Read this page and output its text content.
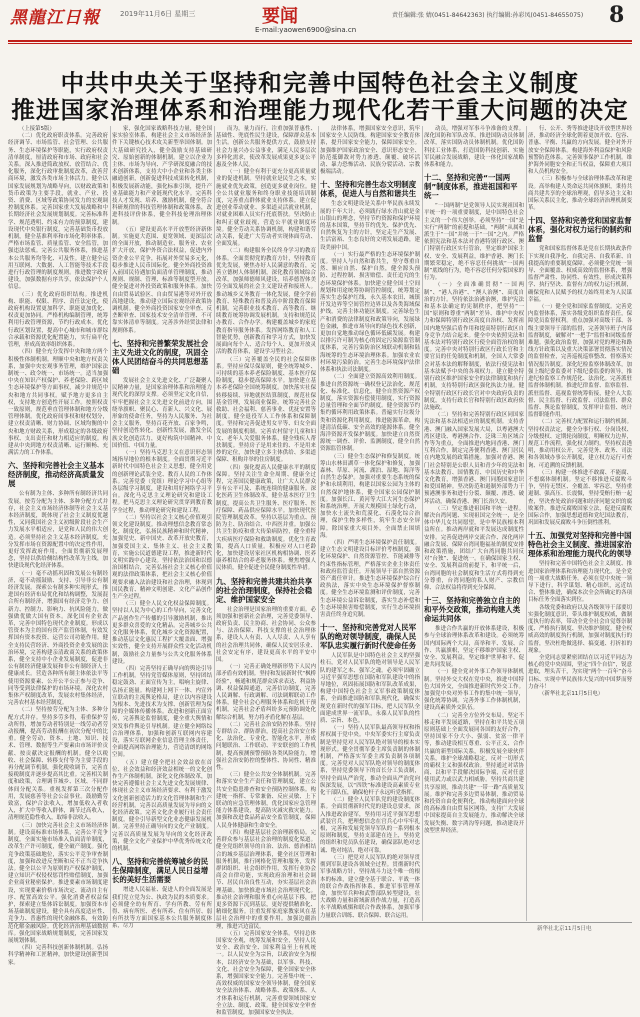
黑龍江日報	2019年11月6日 星期三	要闻
E-mail:yaowen6900@sina.cn
责任编辑:张 婧(0451-84642363) 执行编辑:孙彩凤(0451-84655075) 8
中共中央关于坚持和完善中国特色社会主义制度
推进国家治理体系和治理能力现代化若干重大问题的决定

（上接第5版）

（二）优化政府职责体系。完善政府经济调节、市场监管、社会管理、公共服务、生态环境保护等职能，实行政府权责清单制度，厘清政府和市场、政府和社会关系。深入推进简政放权、放管结合、优化服务，深化行政审批制度改革，改善营商环境，激发各类市场主体活力。健全以国家发展规划为战略导向，以财政政策和货币政策为主要手段，就业、产业、投资、消费、区域等政策协同发力的宏观调控制度体系。完善国家重大发展战略和中长期经济社会发展规划制度。完善标准科学、规范透明、约束有力的预算制度，建设现代中央银行制度，完善基础货币投放机制，健全基准利率和市场化利率体系。严格市场监管、质量监管、安全监管，加强违法惩戒。完善公共服务体系，推进基本公共服务均等化、可及性。建立健全运用互联网、大数据、人工智能等技术手段进行行政管理的制度规则。推进数字政府建设，加强数据有序共享，依法保护个人信息。

（三）优化政府组织结构。推进机构、职能、权限、程序、责任法定化，使政府机构设置更加科学、职能更加优化、权责更加协同。严格机构编制管理，统筹利用行政管理资源，节约行政成本。优化行政区划设置，提高中心城市和城市群综合承载和资源优化配置能力，实行扁平化管理，形成高效率组织体系。

（四）健全充分发挥中央和地方两个积极性体制机制。理顺中央和地方权责关系，加强中央宏观事务管理，维护国家法制统一、政令统一、市场统一。适当加强中央在知识产权保护、养老保险、跨区域生态环境保护等方面事权，减少并规范中央和地方共同事权。赋予地方更多自主权，支持地方创造性开展工作。按照权责一致原则，规范垂直管理体制和地方分级管理体制。优化政府间事权和财权划分，建立权责清晰、财力协调、区域均衡的中央和地方财政关系，形成稳定的各级政府事权、支出责任和财力相适应的制度。构建从中央到地方权责清晰、运行顺畅、充满活力的工作体系。

六、坚持和完善社会主义基本经济制度，推动经济高质量发展

公有制为主体、多种所有制经济共同发展，按劳分配为主体、多种分配方式并存，社会主义市场经济体制等社会主义基本经济制度，既体现了社会主义制度优越性，又同我国社会主义初级阶段社会生产力发展水平相适应，是党和人民的伟大创造。必须坚持社会主义基本经济制度，充分发挥市场在资源配置中的决定性作用，更好发挥政府作用，全面贯彻新发展理念，坚持以供给侧结构性改革为主线，加快建设现代化经济体系。

（一）毫不动摇巩固和发展公有制经济，毫不动摇鼓励、支持、引导非公有制经济发展。探索公有制多种实现形式，推进国有经济布局优化和结构调整，发展混合所有制经济，增强国有经济竞争力、创新力、控制力、影响力、抗风险能力，做强做优做大国有资本。深化国有企业改革，完善中国特色现代企业制度。形成以管资本为主的国有资产监管体制，有效发挥国有资本投资、运营公司功能作用。健全支持民营经济、外商投资企业发展的法治环境，完善构建亲清政商关系的政策体系，健全支持中小企业发展制度，促进非公有制经济健康发展和非公有制经济人士健康成长。营造各种所有制主体依法平等使用资源要素、公开公平公正参与竞争、同等受到法律保护的市场环境。深化农村集体产权制度改革，发展农村集体经济，完善农村基本经营制度。

（二）坚持按劳分配为主体、多种分配方式并存。坚持多劳多得，着重保护劳动所得，增加劳动者特别是一线劳动者劳动报酬，提高劳动报酬在初次分配中的比重。健全劳动、资本、土地、知识、技术、管理、数据等生产要素由市场评价贡献、按贡献决定报酬的机制。健全以税收、社会保障、转移支付等为主要手段的再分配调节机制，强化税收调节，完善直接税制度并逐步提高其比重。完善相关制度和政策，合理调节城乡、区域、不同群体间分配关系。重视发挥第三次分配作用，发展慈善等社会公益事业。鼓励勤劳致富，保护合法收入，增加低收入者收入，扩大中等收入群体，调节过高收入，清理规范隐性收入，取缔非法收入。

（三）加快完善社会主义市场经济体制。建设高标准市场体系，完善公平竞争制度，全面实施市场准入负面清单制度，改革生产许可制度，健全破产制度。强化竞争政策基础地位，落实公平竞争审查制度，加强和改进反垄断和反不正当竞争执法。健全以公平为原则的产权保护制度，建立知识产权侵权惩罚性赔偿制度，加强企业商业秘密保护。推进要素市场制度建设，实现要素价格市场决定、流动自主有序、配置高效公平。强化消费者权益保护，探索建立集体诉讼制度。加强资本市场基础制度建设，健全具有高度适应性、竞争力、普惠性的现代金融体系，有效防范化解金融风险。优化经济治理基础数据库。强化国家战略规划制度，完善国家发展规划体制。

（四）完善科技创新体制机制。弘扬科学精神和工匠精神，加快建设创新型国家。

家，强化国家战略科技力量，健全国家实验室体系，构建社会主义市场经济条件下关键核心技术攻关新型举国体制。加大基础研究投入，健全鼓励支持基础研究、原始创新的体制机制。建立以企业为主体、市场为导向、产学研深度融合的技术创新体系，支持大中小企业和各类主体融通创新，创新促进科技成果转化机制，积极发展新动能，强化标准引领，提升产业基础能力和产业链现代化水平。完善科技人才发现、培养、激励机制，健全符合科研规律的科技管理体制和政策体系，改进科技评价体系，健全科技伦理治理体制。

（五）建设更高水平开放型经济新体制。实施更大范围、更宽领域、更深层次的全面开放，推动制造业、服务业、农业扩大开放，保护外资合法权益，促进内外资企业公平竞争，拓展对外贸易多元化，稳步推进人民币国际化。健全外商投资准入前国民待遇加负面清单管理制度，推动规则、规制、管理、标准等制度型开放。健全促进对外投资政策和服务体系。加快自由贸易试验区、自由贸易港等对外开放高地建设。推动建立国际宏观经济政策协调机制。健全外商投资国家安全审查、反垄断审查、国家技术安全清单管理、不可靠实体清单等制度。完善涉外经贸法律和规则体系。

七、坚持和完善繁荣发展社会主义先进文化的制度，巩固全体人民团结奋斗的共同思想基础

发展社会主义先进文化、广泛凝聚人民精神力量，是国家治理体系和治理能力现代化的深厚支撑。必须坚定文化自信，牢牢把握社会主义先进文化前进方向，围绕举旗帜、聚民心、育新人、兴文化、展形象的使命任务，坚持为人民服务、为社会主义服务，坚持百花齐放、百家争鸣，坚持创造性转化、创新性发展，激发全民族文化创造活力，更好构筑中国精神、中国价值、中国力量。

（一）坚持马克思主义在意识形态领域指导地位的根本制度。全面贯彻习近平新时代中国特色社会主义思想，健全用党的创新理论武装全党、教育人民的工作体系。完善党委（党组）理论学习中心组等各层级学习制度，建设和用好网络学习平台。深化马克思主义理论研究和建设工程。把马克思主义理论研究贯穿到教育教学全过程，推动理论研究和建设工程。

（二）坚持以社会主义核心价值观引领文化建设制度。推动理想信念教育常态化、制度化，弘扬民族精神和时代精神，加强党史、新中国史、改革开放史教育，加强爱国主义、集体主义、社会主义教育，实施公民道德建设工程，推进新时代文明实践中心建设。坚持依法治国和以德治国相结合，完善弘扬社会主义核心价值观的法律政策体系，把社会主义核心价值观要求融入法治建设和社会治理，体现到国民教育、精神文明创建、文化产品创作生产全过程。

（三）健全人民文化权益保障制度。坚持以人民为中心的工作导向，完善文化产品创作生产传播的引导激励机制，推出更多群众喜爱的文化精品。完善城乡公共文化服务体系，优化城乡文化资源配置，推动基层文化惠民工程扩大覆盖面、增强实效性，健全支持开展群众性文化活动机制，鼓励社会力量参与公共文化服务体系建设。

（四）完善坚持正确导向的舆论引导工作机制。坚持党管媒体原则，坚持团结稳定鼓劲、正面宣传为主，唱响主旋律、弘扬正能量。构建网上网下一体、内宣外宣联动的主流舆论格局，建立以内容建设为根本、先进技术为支撑、创新管理为保障的全媒体传播体系。改进和创新正面宣传，完善舆论监督制度，健全重大舆情和突发事件舆论引导机制。建立健全网络综合治理体系，加强和创新互联网内容建设，落实互联网企业信息管理主体责任，全面提高网络治理能力，营造清朗的网络空间。

（五）建立健全把社会效益放在首位、社会效益和经济效益相统一的文化创作生产体制机制。深化文化体制改革，加快完善遵循社会主义先进文化发展规律、体现社会主义市场经济要求、有利于激发文化创新创造活力的文化管理体制和生产经营机制。完善以高质量发展为导向的文化经济政策。完善文化企业履行社会责任制度，健全引导新型文化业态健康发展机制。完善坚持正确导向的文化产业制度。完善以高质量发展为导向的文化经济政策，健全文化产业保护中华优秀传统文化的机制。

八、坚持和完善统筹城乡的民生保障制度，满足人民日益增长的美好生活需要

增进人民福祉、促进人的全面发展是我们党立党为公、执政为民的本质要求。必须健全幼有所育、学有所教、劳有所得、病有所医、老有所养、住有所居、弱有所扶等方面国家基本公共服务制度体系，尽力

而为，量力而行，注重加强普惠性、基础性、兜底性民生建设，保障群众基本生活。创新公共服务提供方式，鼓励支持社会力量兴办公益事业，满足人民多层次多样化需求，使改革发展成果更多更公平惠及全体人民。

（一）健全有利于更充分更高质量就业的促进机制。坚持就业是民生之本，实施就业优先政策，创造更多就业岗位。健全公共就业服务和终身职业技能培训制度，完善重点群体就业支持体系。建立促进创业带动就业、多渠道灵活就业机制，对就业困难人员实行托底帮扶。坚决防止和纠正就业歧视，营造公平就业制度环境。健全劳动关系协调机制，构建和谐劳动关系，促进广大劳动者实现体面劳动、全面发展。

（二）构建服务全民终身学习的教育体系。全面贯彻党的教育方针，坚持教育优先发展，聚焦办好人民满意的教育，完善立德树人体制机制，深化教育领域综合改革，加强师德师风建设，培养德智体美劳全面发展的社会主义建设者和接班人。推动城乡义务教育一体化发展，健全学前教育、特殊教育和普及高中阶段教育保障机制。完善职业技术教育、高等教育、继续教育统筹协调发展机制。支持和规范民办教育、合作办学。构建覆盖城乡的家庭教育指导服务体系。发挥网络教育和人工智能优势，创新教育和学习方式，加快发展面向每个人、适合每个人、更加开放灵活的教育体系，建设学习型社会。

（三）完善覆盖全民的社会保障体系。坚持应保尽保原则，健全统筹城乡、可持续的基本养老保险制度、基本医疗保险制度，稳步提高保障水平。加快建立基本养老保险全国统筹制度。加快落实社保转移接续、异地就医结算制度，规范社保基金管理，发展商业保险。统筹完善社会救助、社会福利、慈善事业、优抚安置等制度。健全退役军人工作体系和保障制度。坚持和完善促进男女平等、妇女全面发展的制度机制。完善农村留守儿童和妇女、老年人关爱服务体系，健全残疾人帮扶制度。坚持房子是用来住的、不是用来炒的定位，加快建立多主体供给、多渠道保障、租购并举的住房制度。

（四）强化提高人民健康水平的制度保障。坚持关注生命全周期、健康全过程，完善国民健康政策，让广大人民群众享有公平可及、系统连续的健康服务。深化医药卫生体制改革，健全基本医疗卫生制度，提高公共卫生服务、医疗服务、医疗保障、药品供应保障水平。加快现代医院管理制度改革。坚持以基层为重点、预防为主、防治结合、中西医并重。加强公共卫生防疫和重大传染病防控，健全重特大疾病医疗保险和救助制度。优化生育政策，提高人口质量。积极应对人口老龄化，加快建设居家社区机构相协调、医养康养相结合的养老服务体系。聚焦增强人民体质，健全促进全民健身制度性举措。

九、坚持和完善共建共治共享的社会治理制度，保持社会稳定、维护国家安全

社会治理是国家治理的重要方面。必须加强和创新社会治理，完善党委领导、政府负责、民主协商、社会协同、公众参与、法治保障、科技支撑的社会治理体系，建设人人有责、人人尽责、人人享有的社会治理共同体，确保人民安居乐业、社会安定有序，建设更高水平的平安中国。

（一）完善正确处理新形势下人民内部矛盾有效机制。坚持和发展新时代“枫桥经验”，畅通和规范群众诉求表达、利益协调、权益保障通道，完善信访制度，完善人民调解、行政调解、司法调解联动工作体系，健全社会心理服务体系和危机干预机制，完善社会矛盾纠纷多元预防调处化解综合机制，努力将矛盾化解在基层。

（二）完善社会治安防控体系。坚持专群结合、群防群治，提高社会治安立体化、法治化、专业化、智能化水平，形成问题联治、工作联动、平安联创的工作机制，提高预测预警预防各类风险能力，增强社会治安防控的整体性、协同性、精准性。

（三）健全公共安全体制机制。完善和落实安全生产责任和管理制度，建立公共安全隐患排查和安全预防控制体系。构建统一指挥、专常兼备、反应灵敏、上下联动的应急管理体制，优化国家应急管理能力体系建设，提高防灾减灾救灾能力。加强和改进食品药品安全监管制度，保障人民身体健康和生命安全。

（四）构建基层社会治理新格局。完善群众参与基层社会治理的制度化渠道。健全党组织领导的自治、法治、德治相结合的城乡基层治理体系，健全社区管理和服务机制，推行网格化管理和服务，发挥群团组织、社会组织作用，发挥行业协会商会自律功能，实现政府治理和社会调节、居民自治良性互动，夯实基层社会治理基础。加快推进市域社会治理现代化。推动社会治理和服务重心向基层下移，把更多资源下沉到基层，更好提供精准化、精细化服务。注重发挥家庭家教家风在基层社会治理中的重要作用。加强边疆治理，推进兴边富民。

（五）完善国家安全体系。坚持总体国家安全观，统筹发展和安全，坚持人民安全、政治安全、国家利益至上有机统一。以人民安全为宗旨，以政治安全为根本，以经济安全为基础，以军事、科技、文化、社会安全为保障，健全国家安全体系，增强国家安全能力。完善集中统一、高效权威的国家安全领导体制，健全国家安全法治体系、战略体系、政策体系、人才体系和运行机制，完善重要领域国家安全立法、制度、政策。健全国家安全审查和监管制度，加强国家安全执法。

法律体系，增强国家安全意识，筑牢国家安全人民防线。构建国家安全教育体系，提升国家安全能力，保障国家安全。加强维护国家政治安全、意识形态安全、防范抵御敌对势力渗透、颠覆、破坏活动、暴力恐怖活动、民族分裂活动、宗教极端活动。

十、坚持和完善生态文明制度体系，促进人与自然和谐共生

生态文明建设是关系中华民族永续发展的千年大计。必须践行绿水青山就是金山银山的理念，坚持节约资源和保护环境的基本国策，坚持节约优先、保护优先、自然恢复为主的方针，坚定走生产发展、生活富裕、生态良好的文明发展道路，建设美丽中国。

（一）实行最严格的生态环境保护制度。坚持人与自然和谐共生，坚守尊重自然、顺应自然、保护自然，健全源头预防、过程控制、损害赔偿、责任追究的生态环境保护体系。加快建立健全国土空间规划和用途统筹协调管控制度，统筹划定落实生态保护红线、永久基本农田、城镇开发边界等空间管控边界以及各类海域保护线，完善主体功能区制度。完善绿色生产和消费的法律制度和政策导向，发展绿色金融，推进市场导向的绿色技术创新，更加自觉地推动绿色循环低碳发展。构建以排污许可制为核心的固定污染源监管制度体系，完善污染防治区域联动机制和陆海统筹的生态环境治理体系。加强农业农村环境污染防治。完善生态环境保护法律体系和执法司法制度。

（二）全面建立资源高效利用制度。推进自然资源统一确权登记法治化、规范化、标准化、信息化，健全自然资源产权制度，落实资源有偿使用制度，实行资源总量管理和全面节约制度。健全资源节约集约循环利用政策体系。普遍实行垃圾分类和资源化利用制度。推进能源革命，构建清洁低碳、安全高效的能源体系。健全海洋资源开发保护制度。加快建立自然资源统一调查、评价、监测制度，健全自然资源监管体制。

（三）健全生态保护和修复制度。统筹山水林田湖草一体化保护和修复，加强森林、草原、河流、湖泊、湿地、海洋等自然生态保护。加强对重要生态系统的保护和永续利用，构建以国家公园为主体的自然保护地体系，健全国家公园保护制度。加强长江、黄河等大江大河生态保护和系统治理。开展大规模国土绿化行动，加快水土流失和荒漠化、石漠化综合治理，保护生物多样性，筑牢生态安全屏障。除国家重大项目外，全面禁止围填海。

（四）严明生态环境保护责任制度。建立生态文明建设目标评价考核制度，强化环境保护、自然资源管控、节能减排等约束性指标管理，严格落实企业主体责任和政府监管责任。开展领导干部自然资源资产离任审计。推进生态环境保护综合行政执法，落实中央生态环境保护督察制度。健全生态环境监测和评价制度，完善生态环境公益诉讼制度，落实生态补偿和生态环境损害赔偿制度，实行生态环境损害责任终身追究制。

十一、坚持和完善党对人民军队的绝对领导制度，确保人民军队忠实履行新时代使命任务

人民军队是中国特色社会主义的坚强柱石，党对人民军队的绝对领导是人民军队的建军之本、强军之魂。必须牢固确立习近平强军思想在国防和军队建设中的指导地位，巩固拓展国防和军队改革成果，构建中国特色社会主义军事政策制度体系，全面推进国防和军队现代化，确保实现党在新时代的强军目标，把人民军队全面建成世界一流军队，永葆人民军队的性质、宗旨、本色。

（一）坚持人民军队最高领导权和指挥权属于党中央。中央军委实行主席负责制是坚持党对人民军队绝对领导的根本实现形式。健全贯彻军委主席负责制的体制机制，严格落实军委主席负责制各项制度。完善党对人民军队绝对领导的制度体系，坚持党委领导下的首长分工负责制，坚持全面从严治党，推动全面从严治党向纵深发展，以“四铁”标准建设高素质专业化干部队伍，确保枪杆子永远听党指挥。

（二）健全人民军队党的建设制度体系。全面贯彻新时代党的建设总要求，深入推进政治建军，坚持用习近平强军思想武装官兵，把理想信念在官兵心中牢牢扎根，完善和发展党领导军队的一系列根本原则和制度，坚持支部建在连上，坚持党的组织和党员队伍建设，确保部队绝对忠诚、绝对纯洁、绝对可靠。

（三）把党对人民军队的绝对领导贯彻到军队建设各领域全过程。贯彻新时代军事战略方针，坚持战斗力这个唯一的根本的标准，建立健全基于联合、平战一体的联合作战指挥体系，推进军事管理革命，加快军兵种和武警部队转型建设，壮大战略力量和新域新质作战力量，打造高水平战略威慑和联合作战体系，加强军事力量联合训练、联合保障、联合运用。

动员，增强对军事斗争准备的支撑。深化国防和军队改革，推进国防动员体制改革，落实国防动员体制机制。优化国防科技工业体系，打造国防科技创新、实施军民融合发展战略，建设一体化国家战略体系和能力。

十二、坚持和完善“一国两制”制度体系，推进祖国和平统一

“一国两制”是党领导人民实现祖国和平统一的一项重要制度，是中国特色社会主义的一个伟大创举。必须坚持“一国”是实行“两制”的前提和基础，“两制”从属和派生于“一国”并统一于“一国”之内。严格依照宪法和基本法对香港特别行政区、澳门特别行政区实行管治，坚定维护国家主权、安全、发展利益，维护香港、澳门长期繁荣稳定，绝不容忍任何挑战“一国两制”底线的行为，绝不容忍任何分裂国家的行为。

（一）全面准确贯彻“一国两制”、“港人治港”、“澳人治澳”、高度自治的方针。坚持依法治港治澳，维护宪法和基本法确定的宪制秩序，把坚持“一国”原则和尊重“两制”差异、维护中央权力和保障特别行政区高度自治权、发挥祖国内地坚强后盾作用和提高特别行政区自身竞争力结合起来。健全中央依照宪法和基本法对特别行政区行使全面管治权的制度。完善中央对特别行政区行政长官和主要官员的任免制度和机制，全国人大常委会对基本法的解释制度，依法行使宪法和基本法赋予中央的各项权力。建立健全特别行政区维护国家安全的法律制度和执行机制，支持特别行政区强化执法力量。健全特别行政区行政长官对中央政府负责的制度，支持行政长官和特别行政区政府依法施政。

（二）坚持和完善特别行政区同国家宪法和基本法相适应的制度机制。支持香港、澳门融入国家发展大局，以粤港澳大湾区建设、粤港澳合作、泛珠三角区域合作等为重点，全面推进内地同香港、澳门互利合作，制定完善便利香港、澳门居民在内地发展的政策措施。加强对香港、澳门社会特别是公职人员和青少年的宪法和基本法教育、国情教育、中国历史和中华文化教育，增强香港、澳门同胞国家意识和爱国精神。坚决防范和遏制外部势力干预港澳事务和进行分裂、颠覆、渗透、破坏活动，确保香港、澳门长治久安。

（三）坚定推进祖国和平统一进程。解决台湾问题、实现祖国完全统一，是全体中华儿女共同愿望，是中华民族根本利益所在。推动两岸就和平发展达成制度性安排。完善促进两岸交流合作、深化两岸融合发展、保障台湾同胞福祉的制度安排和政策措施，团结广大台湾同胞共同反对“台独”、促进统一。在确保国家主权、安全、发展利益的前提下，和平统一后，台湾同胞的社会制度和生活方式将得到充分尊重，台湾同胞的私人财产、宗教信仰、合法权益将得到充分保障。

十三、坚持和完善独立自主的和平外交政策，推动构建人类命运共同体

推进合作共赢的开放体系建设，积极参与全球治理体系改革和建设。必须统筹国内国际两个大局，高举和平、发展、合作、共赢旗帜，坚定不移维护国家主权、安全、发展利益，坚定维护世界和平、促进共同发展。

（一）健全党对外事工作领导体制机制。坚持外交大权在党中央，推进中国特色大国外交，全面推进新时代外交工作。加强党中央对外事工作的集中统一领导，强化统筹协调。完善外事工作体制机制，建设高素质外交队伍。

（二）完善全方位外交布局。坚定不移走和平发展道路，坚持在和平共处五项原则基础上全面发展同各国的友好合作，坚持国家不分大小、强弱、贫富一律平等，推动建设相互尊重、公平正义、合作共赢的新型国际关系，积极发展全球伙伴关系，维护全球战略稳定，反对一切形式的霸权主义和强权政治。坚持通过对话协商、以和平手段解决国际争端，反对任意使用武力或以武力相威胁。坚持共商共建共享原则，推动共建“一带一路”高质量发展。维护和完善多边贸易体制，推动贸易和投资自由化便利化，推动构建面向全球的高标准自由贸易区网络，支持广大发展中国家提高自主发展能力，推动解决全球发展失衡、数字鸿沟等问题，推动建设开放型世界经济。

行、公开、秀等推进建设开放型世界经济，推动经济全球化朝着更加开放、包容、普惠、平衡、共赢的方向发展。健全对外开放安全保障体系。构建海外利益保护和风险预警防范体系。完善领事保护工作机制。维护海外同胞安全和正当权益，保障重大项目和人员机构安全。

（三）积极参与全球治理体系改革和建设。高举构建人类命运共同体旗帜，秉持共商共建共享的全球治理观，倡导多边主义和国际关系民主化，推动全球经济治理机制变革。

十四、坚持和完善党和国家监督体系，强化对权力运行的制约和监督

党和国家监督体系是党在长期执政条件下实现自我净化、自我完善、自我革新、自我提高的重要制度保障。必须健全党统一领导、全面覆盖、权威高效的监督体系，增强监督严肃性、协同性、有效性，形成决策科学、执行坚决、监督有力的权力运行机制，确保党和人民赋予的权力始终用来为人民谋幸福。

（一）健全党和国家监督制度。完善党内监督体系，落实各级党组织监督责任，保障党员监督权利。重点加强对高级干部、各级主要领导干部的监督，完善领导班子内部监督制度，破解对“一把手”监督和同级监督难题。强化政治监督，加强对党的理论和路线方针政策以及重大决策部署贯彻落实情况的监督检查，完善巡视巡察整改、督察落实情况报告制度。深化纪检监察体制改革，加强上级纪委监委对下级纪委监委的领导，推进纪检监察工作规范化、法治化。完善派驻监督体制机制。推进纪律监督、监察监督、派驻监督、巡视监督统筹衔接，健全人大监督、民主监督、行政监督、司法监督、群众监督、舆论监督制度，发挥审计监督、统计监督职能作用。

（二）完善权力配置和运行制约机制。坚持权责法定，健全分事行权、分岗设权、分级授权、定期轮岗制度，明晰权力边界，规范工作流程，强化权力制约。坚持权责透明，推动用权公开，完善党务、政务、司法和各领域办事公开制度，建立权力运行可查询、可追溯的反馈机制。

（三）构建一体推进不敢腐、不能腐、不想腐体制机制。坚定不移推进反腐败斗争，坚持无禁区、全覆盖、零容忍，坚持重遏制、强高压、长震慑，坚持受贿行贿一起查，坚决查处政治问题和经济问题交织的腐败案件。推进反腐败国家立法，促进反腐败国际合作，加强思想道德和党纪国法教育，巩固和发展反腐败斗争压倒性胜利。

十五、加强党对坚持和完善中国特色社会主义制度、推进国家治理体系和治理能力现代化的领导

坚持和完善中国特色社会主义制度、推进国家治理体系和治理能力现代化，是全党的一项重大战略任务。必须在党中央统一领导下进行，科学谋划、精心组织，远近结合、整体推进，确保本次全会所确定的各项目标任务全面落实到位。

各级党委和政府以及各级领导干部要切实强化制度意识，带头维护制度权威，做制度执行的表率，带动全党全社会自觉尊崇制度、严格执行制度、坚决维护制度。健全权威高效的制度执行机制，加强对制度执行的监督，坚决杜绝做选择、搞变通、打折扣的现象。

全党同志要紧密团结在以习近平同志为核心的党中央周围，坚定“四个自信”，锐意进取，埋头苦干，为实现“两个一百年”奋斗目标、实现中华民族伟大复兴的中国梦而努力奋斗！

（新华社北京11月5日电）

新华社北京11月5日电
